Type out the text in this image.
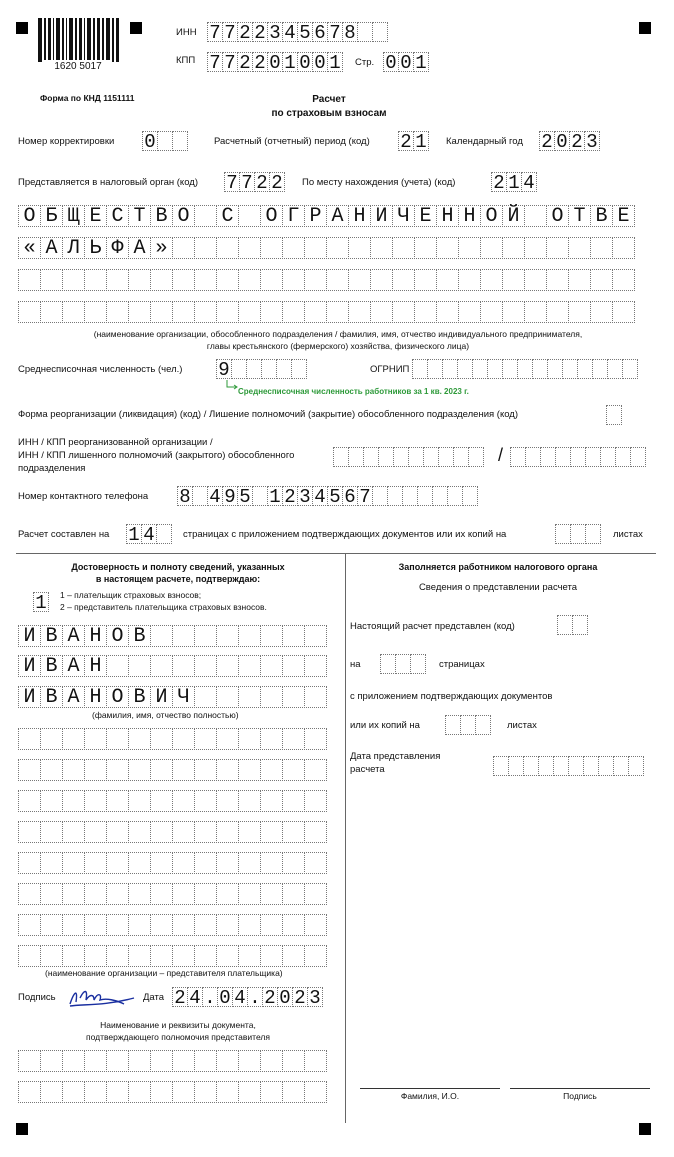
1620 5017
Форма по КНД 1151111
ИНН 7 7 2 2 3 4 5 6 7 8
КПП 7 7 2 2 0 1 0 0 1 Стр. 0 0 1
Расчет
по страховым взносам
Номер корректировки 0	Расчетный (отчетный) период (код) 2 1 Календарный год 2 0 2 3
Представляется в налоговый орган (код) 7 7 2 2 По месту нахождения (учета) (код) 2 1 4
О Б Щ Е С Т В О С О Г Р А Н И Ч Е Н Н О Й О Т В Е
« А Л Ь Ф А »
(наименование организации, обособленного подразделения / фамилия, имя, отчество индивидуального предпринимателя,
главы крестьянского (фермерского) хозяйства, физического лица)
Среднесписочная численность (чел.) 9	ОГРНИП
Среднесписочная численность работников за 1 кв. 2023 г.
Форма реорганизации (ликвидация) (код) / Лишение полномочий (закрытие) обособленного подразделения (код)
ИНН / КПП реорганизованной организации /
ИНН / КПП лишенного полномочий (закрытого) обособленного
подразделения
/
Номер контактного телефона 8 4 9 5 1 2 3 4 5 6 7
Расчет составлен на 1 4	страницах с приложением подтверждающих документов или их копий на	листах
Достоверность и полноту сведений, указанных
в настоящем расчете, подтверждаю:
1 1 – плательщик страховых взносов;
2 – представитель плательщика страховых взносов.
И В А Н О В
И В А Н
И В А Н О В И Ч
(фамилия, имя, отчество полностью)
(наименование организации – представителя плательщика)
Подпись	Дата 2 4 . 0 4 . 2 0 2 3
Наименование и реквизиты документа,
подтверждающего полномочия представителя
Заполняется работником налогового органа
Сведения о представлении расчета
Настоящий расчет представлен (код)
на	страницах
с приложением подтверждающих документов
или их копий на	листах
Дата представления
расчета
Фамилия, И.О.	Подпись
